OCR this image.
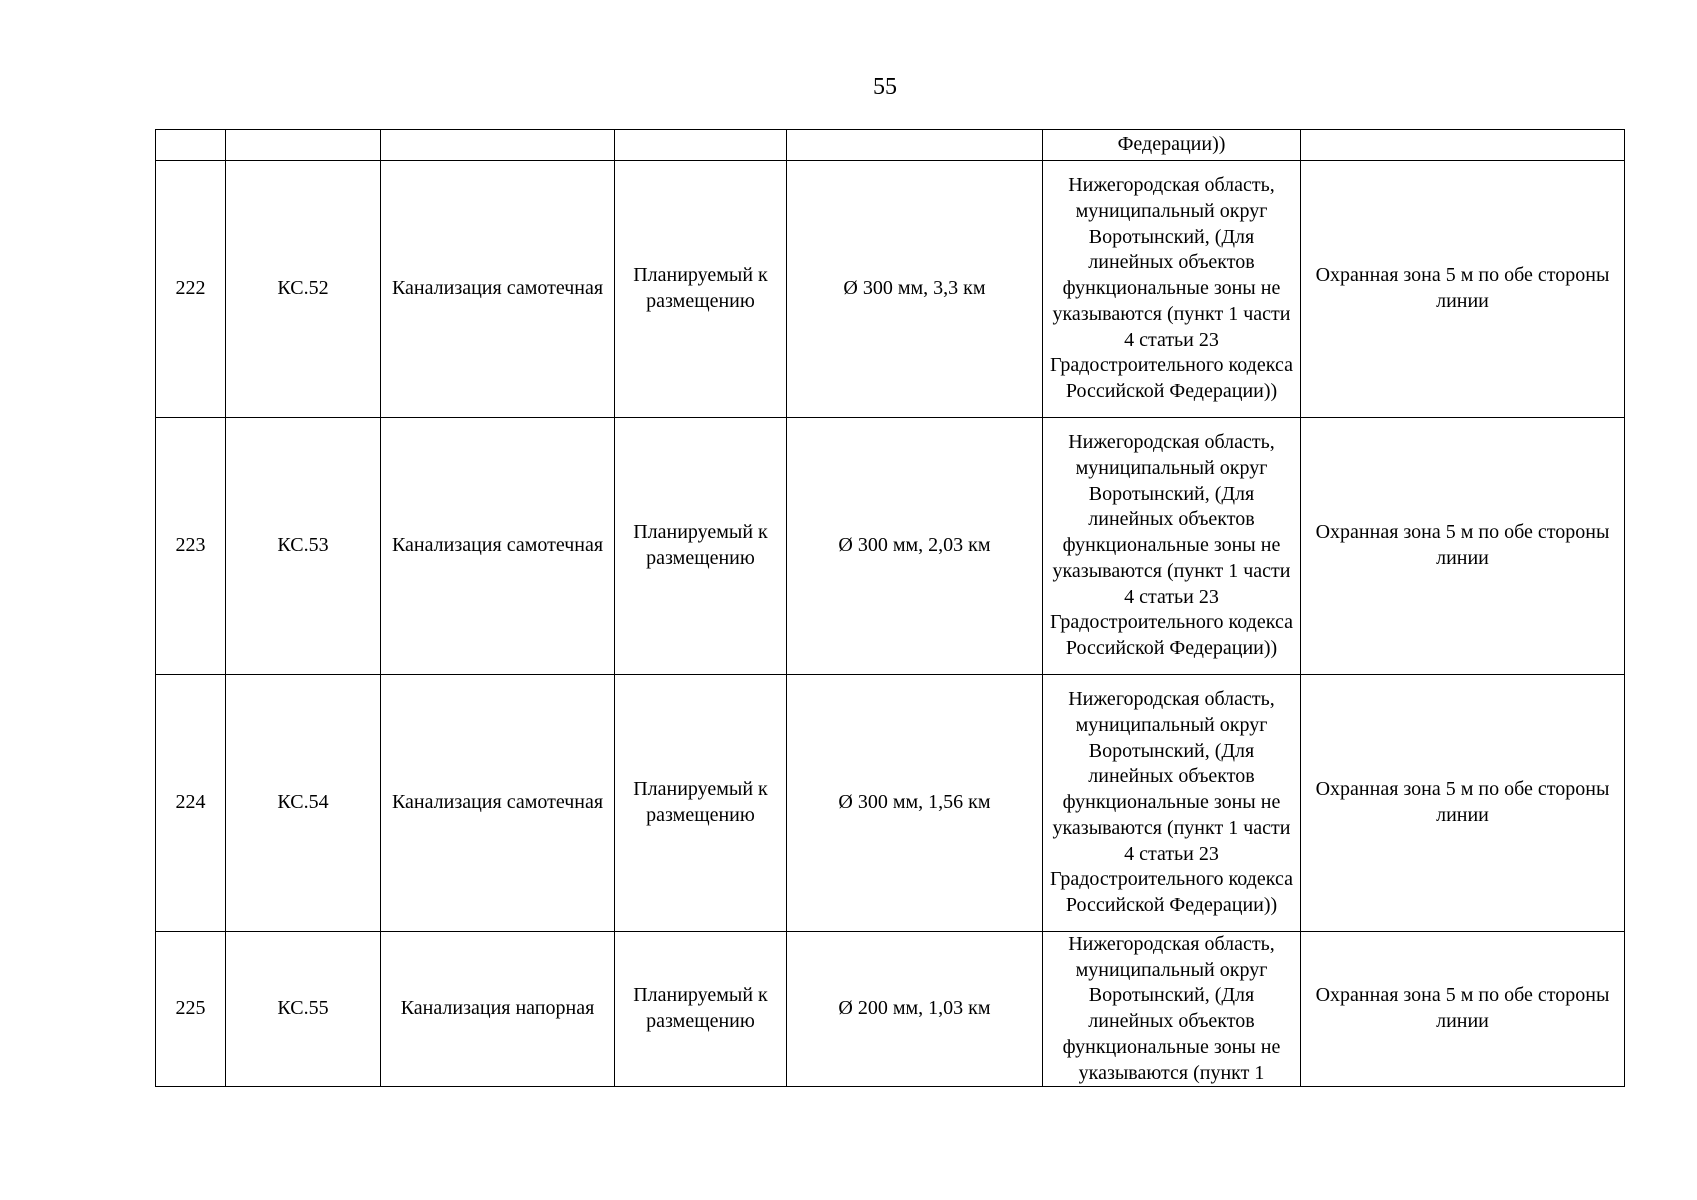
55
					Федерации))	
222	КС.52	Канализация самотечная	Планируемый к размещению	Ø 300 мм, 3,3 км	Нижегородская область, муниципальный округ Воротынский, (Для линейных объектов функциональные зоны не указываются (пункт 1 части 4 статьи 23 Градостроительного кодекса Российской Федерации))	Охранная зона 5 м по обе стороны линии
223	КС.53	Канализация самотечная	Планируемый к размещению	Ø 300 мм, 2,03 км	Нижегородская область, муниципальный округ Воротынский, (Для линейных объектов функциональные зоны не указываются (пункт 1 части 4 статьи 23 Градостроительного кодекса Российской Федерации))	Охранная зона 5 м по обе стороны линии
224	КС.54	Канализация самотечная	Планируемый к размещению	Ø 300 мм, 1,56 км	Нижегородская область, муниципальный округ Воротынский, (Для линейных объектов функциональные зоны не указываются (пункт 1 части 4 статьи 23 Градостроительного кодекса Российской Федерации))	Охранная зона 5 м по обе стороны линии
225	КС.55	Канализация напорная	Планируемый к размещению	Ø 200 мм, 1,03 км	Нижегородская область, муниципальный округ Воротынский, (Для линейных объектов функциональные зоны не указываются (пункт 1	Охранная зона 5 м по обе стороны линии
